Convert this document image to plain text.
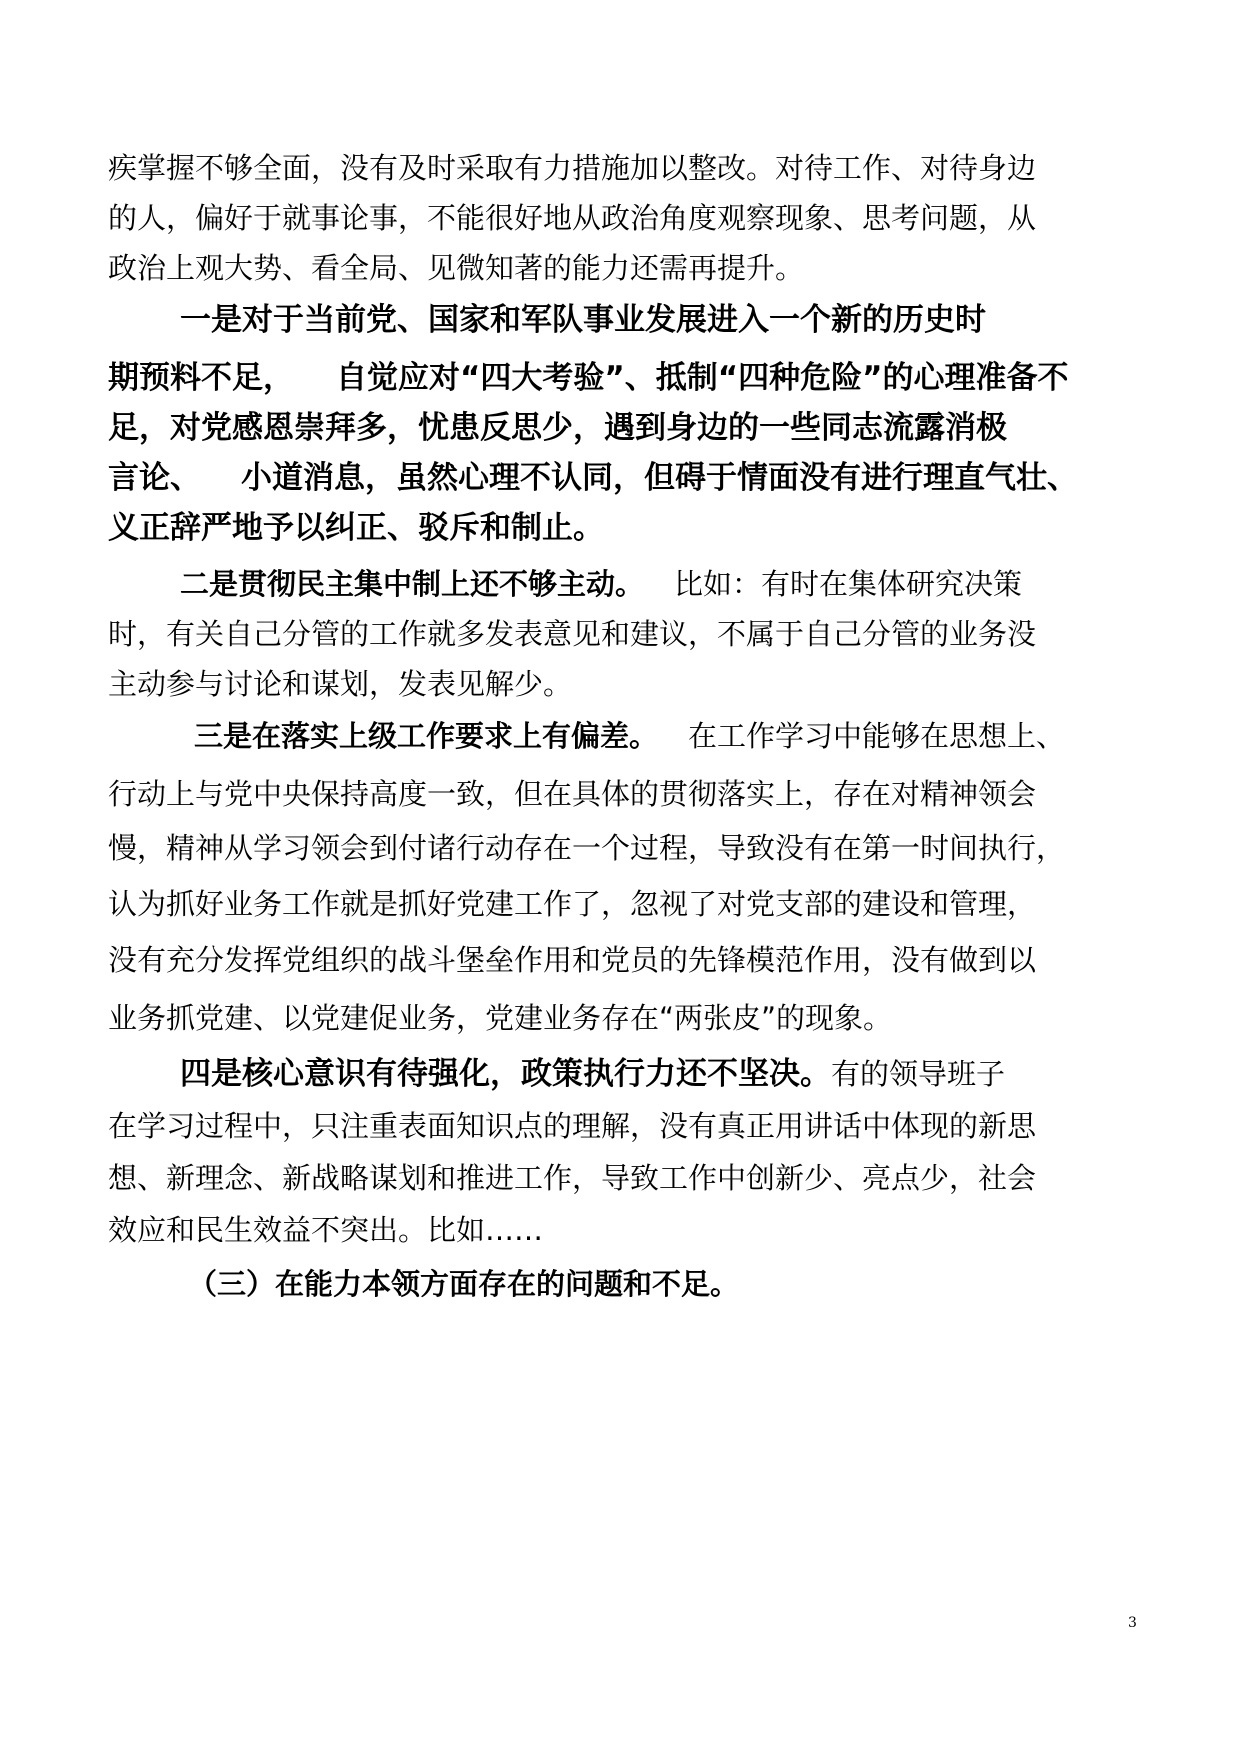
疾掌握不够全面，没有及时采取有力措施加以整改。对待工作、对待身边
的人，偏好于就事论事，不能很好地从政治角度观察现象、思考问题，从
政治上观大势、看全局、见微知著的能力还需再提升。
一是对于当前党、国家和军队事业发展进入一个新的历史时
期预料不足， 自觉应对“四大考验”、抵制“四种危险”的心理准备不
足，对党感恩崇拜多，忧患反思少，遇到身边的一些同志流露消极
言论、 小道消息，虽然心理不认同，但碍于情面没有进行理直气壮、
义正辞严地予以纠正、驳斥和制止。
二是贯彻民主集中制上还不够主动。 比如：有时在集体研究决策
时，有关自己分管的工作就多发表意见和建议，不属于自己分管的业务没
主动参与讨论和谋划，发表见解少。
三是在落实上级工作要求上有偏差。 在工作学习中能够在思想上、
行动上与党中央保持高度一致，但在具体的贯彻落实上，存在对精神领会
慢，精神从学习领会到付诸行动存在一个过程，导致没有在第一时间执行，
认为抓好业务工作就是抓好党建工作了，忽视了对党支部的建设和管理，
没有充分发挥党组织的战斗堡垒作用和党员的先锋模范作用，没有做到以
业务抓党建、以党建促业务，党建业务存在“两张皮”的现象。
四是核心意识有待强化，政策执行力还不坚决。有的领导班子
在学习过程中，只注重表面知识点的理解，没有真正用讲话中体现的新思
想、新理念、新战略谋划和推进工作，导致工作中创新少、亮点少，社会
效应和民生效益不突出。比如……
（三）在能力本领方面存在的问题和不足。
3
